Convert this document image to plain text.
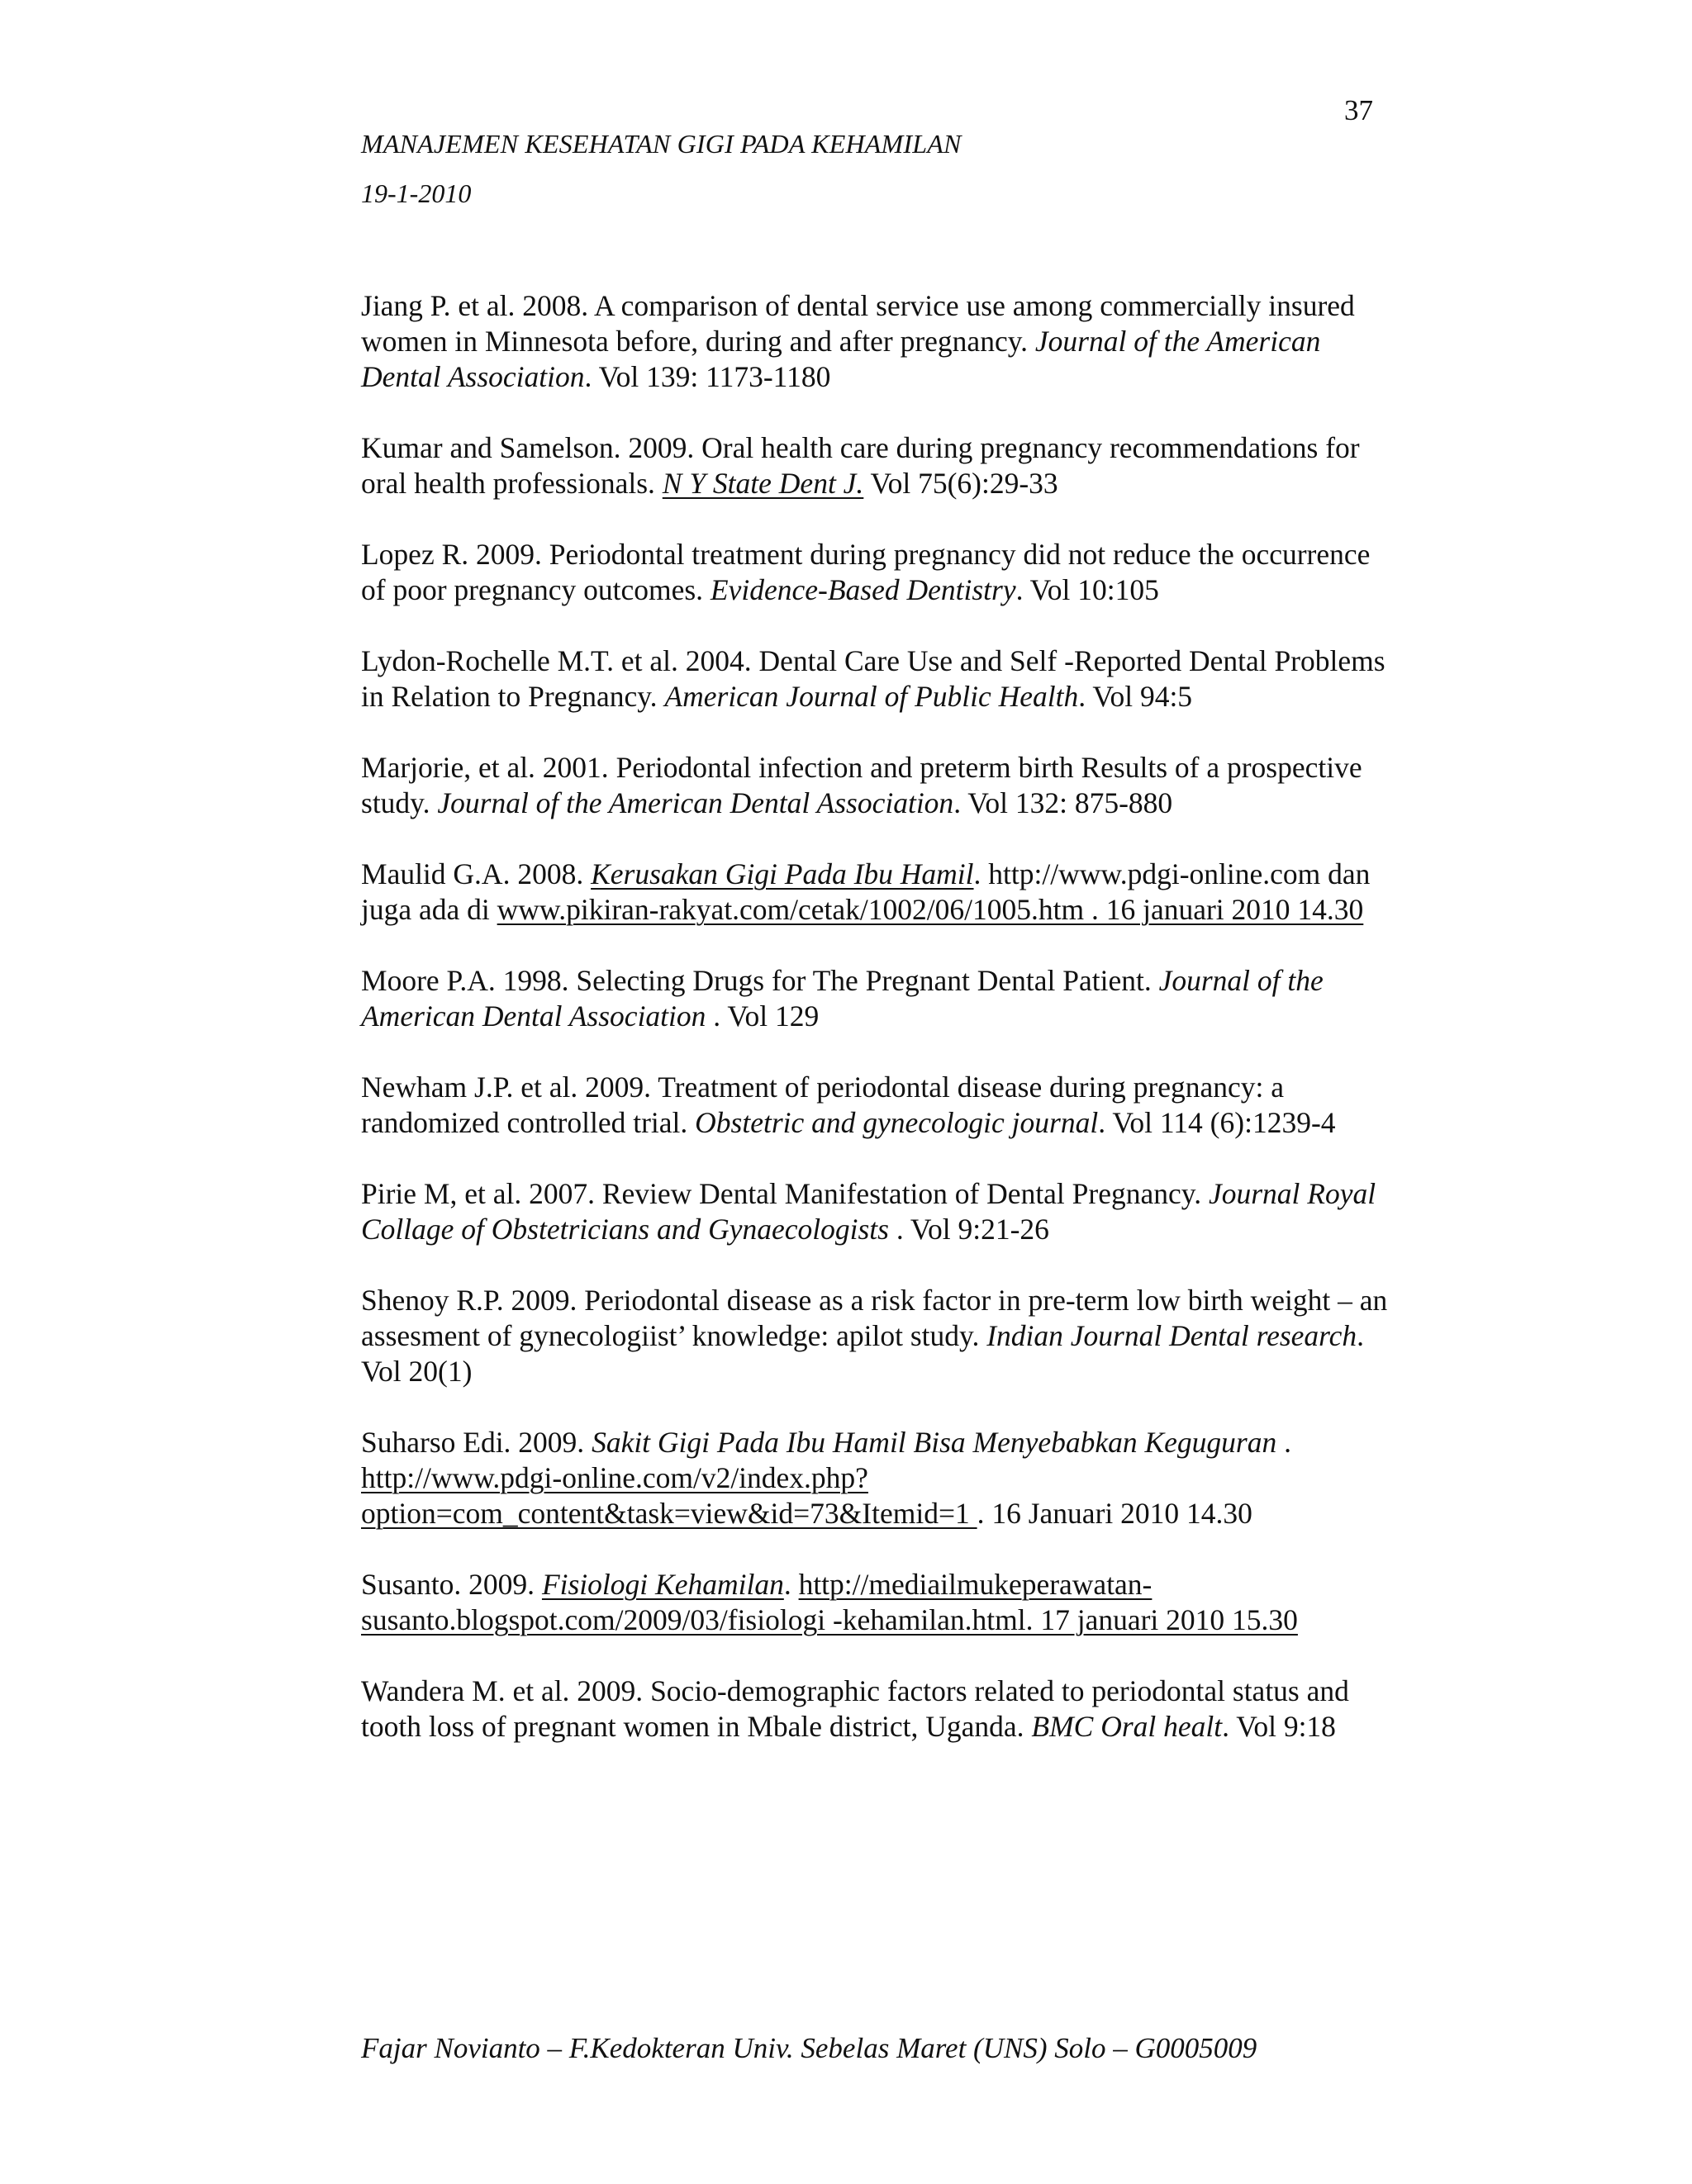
37
MANAJEMEN KESEHATAN GIGI PADA KEHAMILAN
19-1-2010
Jiang P. et al. 2008. A comparison of dental service use among commercially insured women in Minnesota before, during and after pregnancy. Journal of the American Dental Association. Vol 139: 1173-1180
Kumar and Samelson. 2009. Oral health care during pregnancy recommendations for oral health professionals. N Y State Dent J. Vol 75(6):29-33
Lopez R. 2009. Periodontal treatment during pregnancy did not reduce the occurrence of poor pregnancy outcomes. Evidence-Based Dentistry. Vol 10:105
Lydon-Rochelle M.T. et al. 2004. Dental Care Use and Self -Reported Dental Problems in Relation to Pregnancy. American Journal of Public Health. Vol 94:5
Marjorie, et al. 2001. Periodontal infection and preterm birth Results of a prospective study. Journal of the American Dental Association. Vol 132: 875-880
Maulid G.A. 2008. Kerusakan Gigi Pada Ibu Hamil. http://www.pdgi-online.com dan juga ada di www.pikiran-rakyat.com/cetak/1002/06/1005.htm . 16 januari 2010 14.30
Moore P.A. 1998. Selecting Drugs for The Pregnant Dental Patient. Journal of the American Dental Association . Vol 129
Newham J.P. et al. 2009. Treatment of periodontal disease during pregnancy: a randomized controlled trial. Obstetric and gynecologic journal. Vol 114 (6):1239-4
Pirie M, et al. 2007. Review Dental Manifestation of Dental Pregnancy. Journal Royal Collage of Obstetricians and Gynaecologists . Vol 9:21-26
Shenoy R.P. 2009. Periodontal disease as a risk factor in pre-term low birth weight – an assesment of gynecologiist’ knowledge: apilot study. Indian Journal Dental research. Vol 20(1)
Suharso Edi. 2009. Sakit Gigi Pada Ibu Hamil Bisa Menyebabkan Keguguran . http://www.pdgi-online.com/v2/index.php?option=com_content&task=view&id=73&Itemid=1 . 16 Januari 2010 14.30
Susanto. 2009. Fisiologi Kehamilan. http://mediailmukeperawatan-susanto.blogspot.com/2009/03/fisiologi -kehamilan.html. 17 januari 2010 15.30
Wandera M. et al. 2009. Socio-demographic factors related to periodontal status and tooth loss of pregnant women in Mbale district, Uganda. BMC Oral healt. Vol 9:18
Fajar Novianto – F.Kedokteran Univ. Sebelas Maret (UNS) Solo – G0005009
